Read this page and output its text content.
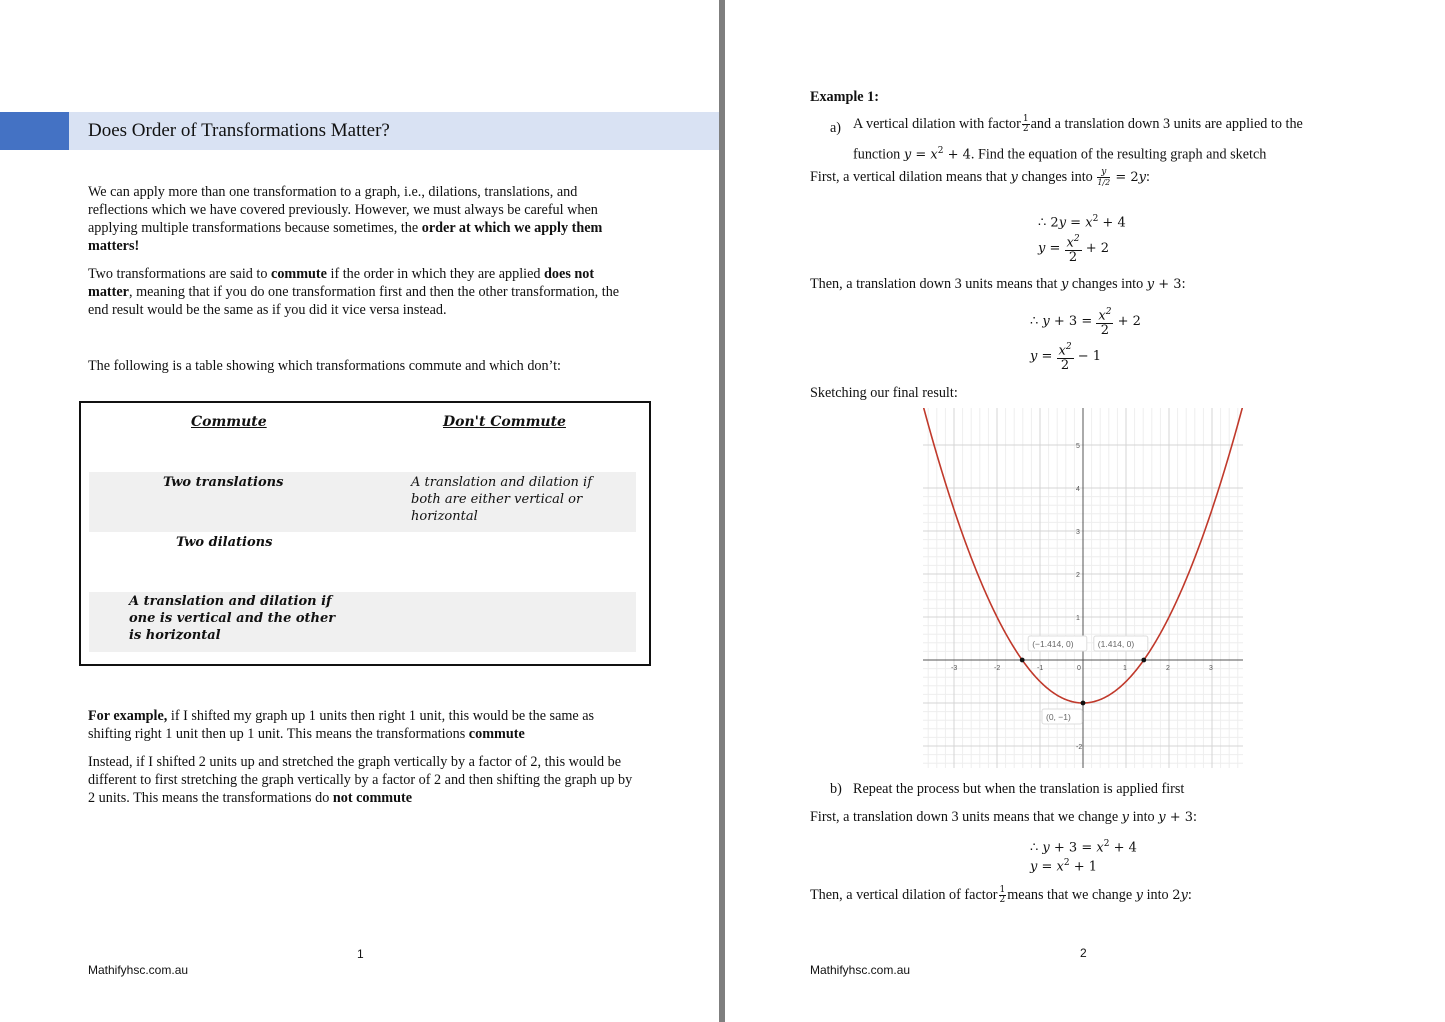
Does Order of Transformations Matter?

We can apply more than one transformation to a graph, i.e., dilations, translations, and reflections which we have covered previously. However, we must always be careful when applying multiple transformations because sometimes, the order at which we apply them matters!

Two transformations are said to commute if the order in which they are applied does not matter, meaning that if you do one transformation first and then the other transformation, the end result would be the same as if you did it vice versa instead.

The following is a table showing which transformations commute and which don’t:

Commute	Don't Commute
Two translations	A translation and dilation if both are either vertical or horizontal
Two dilations
A translation and dilation if one is vertical and the other is horizontal

For example, if I shifted my graph up 1 units then right 1 unit, this would be the same as shifting right 1 unit then up 1 unit. This means the transformations commute

Instead, if I shifted 2 units up and stretched the graph vertically by a factor of 2, this would be different to first stretching the graph vertically by a factor of 2 and then shifting the graph up by 2 units. This means the transformations do not commute

1
Mathifyhsc.com.au
Example 1:
a) A vertical dilation with factor $\frac{1}{2}$ and a translation down 3 units are applied to the
function $y = x^2 + 4$. Find the equation of the resulting graph and sketch
First, a vertical dilation means that y changes into $\frac{y}{1/2} = 2y$:
∴ $2y = x^2 + 4$
$y = \frac{x^2}{2} + 2$
Then, a translation down 3 units means that y changes into y + 3:
∴ $y + 3 = \frac{x^2}{2} + 2$
$y = \frac{x^2}{2} - 1$
Sketching our final result:
-3	-2	-1	0	1	2	3
5
4
3
2
1
-2
(−1.414, 0)	(1.414, 0)
(0, −1)
b) Repeat the process but when the translation is applied first
First, a translation down 3 units means that we change y into y + 3:
∴ $y + 3 = x^2 + 4$
$y = x^2 + 1$
Then, a vertical dilation of factor $\frac{1}{2}$ means that we change y into 2y:
2
Mathifyhsc.com.au
